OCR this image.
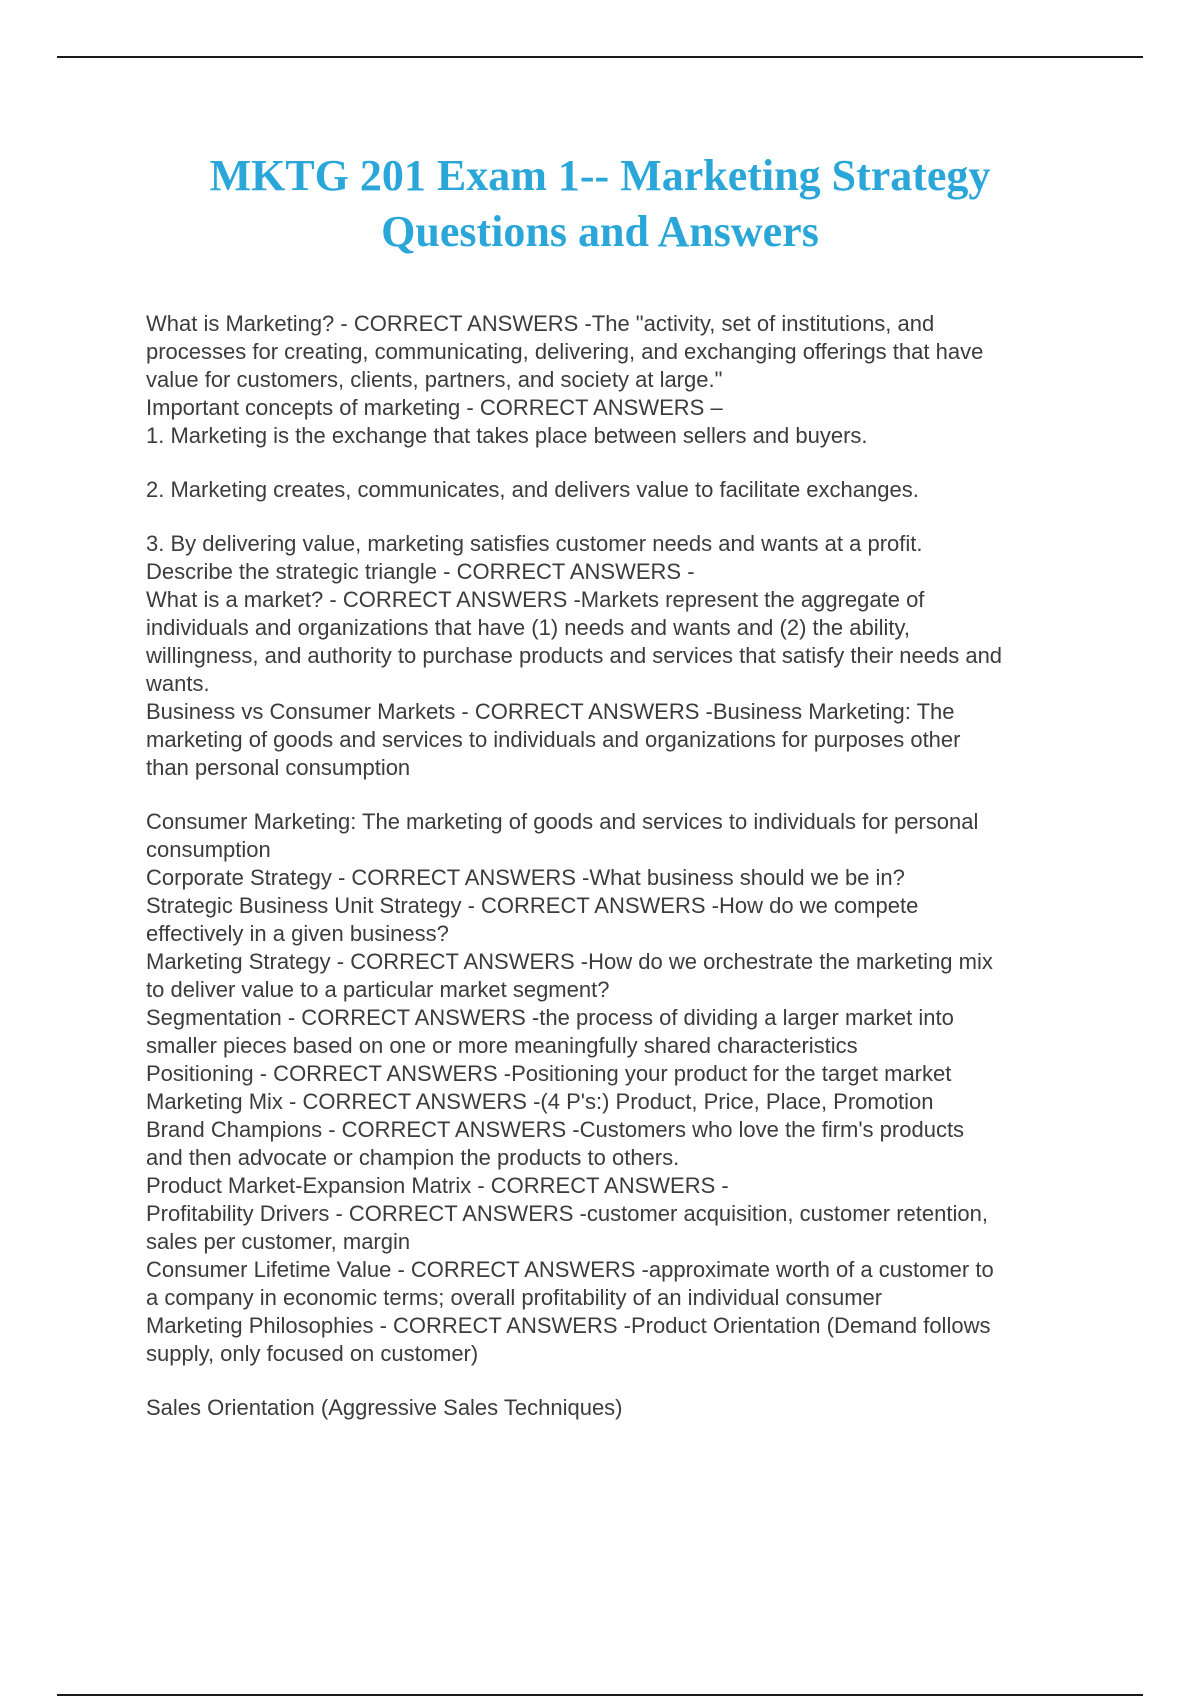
MKTG 201 Exam 1-- Marketing Strategy
Questions and Answers
What is Marketing? - CORRECT ANSWERS -The "activity, set of institutions, and
processes for creating, communicating, delivering, and exchanging offerings that have
value for customers, clients, partners, and society at large."
Important concepts of marketing - CORRECT ANSWERS –
1. Marketing is the exchange that takes place between sellers and buyers.
2. Marketing creates, communicates, and delivers value to facilitate exchanges.
3. By delivering value, marketing satisfies customer needs and wants at a profit.
Describe the strategic triangle - CORRECT ANSWERS -
What is a market? - CORRECT ANSWERS -Markets represent the aggregate of
individuals and organizations that have (1) needs and wants and (2) the ability,
willingness, and authority to purchase products and services that satisfy their needs and
wants.
Business vs Consumer Markets - CORRECT ANSWERS -Business Marketing: The
marketing of goods and services to individuals and organizations for purposes other
than personal consumption
Consumer Marketing: The marketing of goods and services to individuals for personal
consumption
Corporate Strategy - CORRECT ANSWERS -What business should we be in?
Strategic Business Unit Strategy - CORRECT ANSWERS -How do we compete
effectively in a given business?
Marketing Strategy - CORRECT ANSWERS -How do we orchestrate the marketing mix
to deliver value to a particular market segment?
Segmentation - CORRECT ANSWERS -the process of dividing a larger market into
smaller pieces based on one or more meaningfully shared characteristics
Positioning - CORRECT ANSWERS -Positioning your product for the target market
Marketing Mix - CORRECT ANSWERS -(4 P's:) Product, Price, Place, Promotion
Brand Champions - CORRECT ANSWERS -Customers who love the firm's products
and then advocate or champion the products to others.
Product Market-Expansion Matrix - CORRECT ANSWERS -
Profitability Drivers - CORRECT ANSWERS -customer acquisition, customer retention,
sales per customer, margin
Consumer Lifetime Value - CORRECT ANSWERS -approximate worth of a customer to
a company in economic terms; overall profitability of an individual consumer
Marketing Philosophies - CORRECT ANSWERS -Product Orientation (Demand follows
supply, only focused on customer)
Sales Orientation (Aggressive Sales Techniques)
